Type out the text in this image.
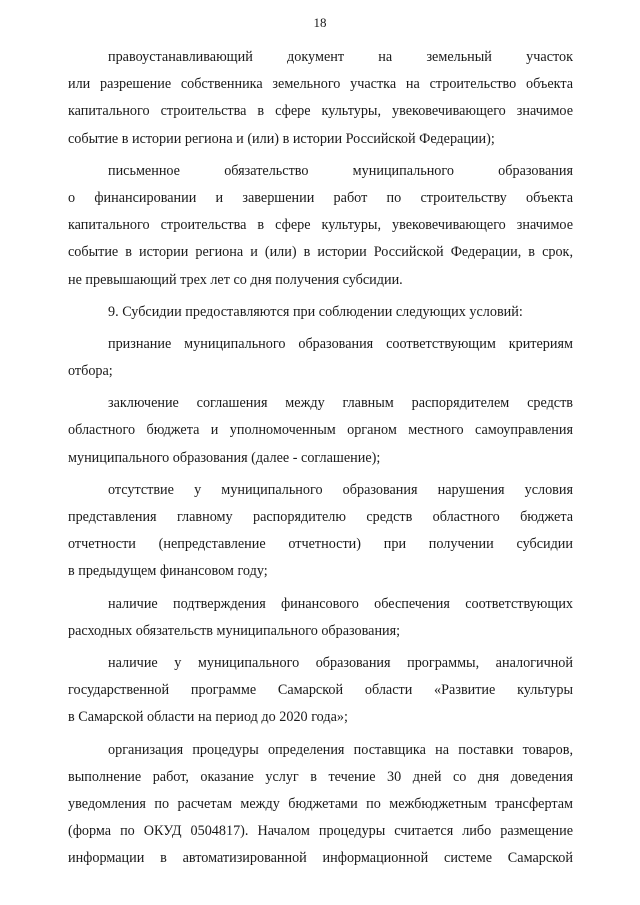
18
правоустанавливающий документ на земельный участок
или разрешение собственника земельного участка на строительство объекта
капитального строительства в сфере культуры, увековечивающего значимое
событие в истории региона и (или) в истории Российской Федерации);
письменное обязательство муниципального образования
о финансировании и завершении работ по строительству объекта
капитального строительства в сфере культуры, увековечивающего значимое
событие в истории региона и (или) в истории Российской Федерации, в срок,
не превышающий трех лет со дня получения субсидии.
9. Субсидии предоставляются при соблюдении следующих условий:
признание муниципального образования соответствующим критериям
отбора;
заключение соглашения между главным распорядителем средств
областного бюджета и уполномоченным органом местного самоуправления
муниципального образования (далее - соглашение);
отсутствие у муниципального образования нарушения условия
представления главному распорядителю средств областного бюджета
отчетности (непредставление отчетности) при получении субсидии
в предыдущем финансовом году;
наличие подтверждения финансового обеспечения соответствующих
расходных обязательств муниципального образования;
наличие у муниципального образования программы, аналогичной
государственной программе Самарской области «Развитие культуры
в Самарской области на период до 2020 года»;
организация процедуры определения поставщика на поставки товаров,
выполнение работ, оказание услуг в течение 30 дней со дня доведения
уведомления по расчетам между бюджетами по межбюджетным трансфертам
(форма по ОКУД 0504817). Началом процедуры считается либо размещение
информации в автоматизированной информационной системе Самарской
